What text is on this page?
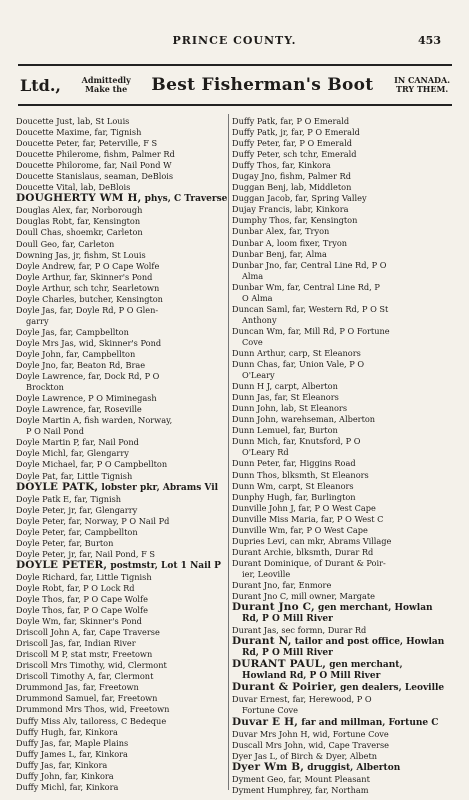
PRINCE COUNTY.	453
Ltd.,	Admittedly
Make the Best Fisherman's Boot	IN CANADA.
TRY THEM.
Doucette Just, lab, St Louis
Doucette Maxime, far, Tignish
Doucette Peter, far, Peterville, F S
Doucette Philerome, fishm, Palmer Rd
Doucette Philorome, far, Nail Pond W
Doucette Stanislaus, seaman, DeBlois
Doucette Vital, lab, DeBlois
DOUGHERTY WM H, phys, C Traverse
Douglas Alex, far, Norborough
Douglas Robt, far, Kensington
Doull Chas, shoemkr, Carleton
Doull Geo, far, Carleton
Downing Jas, jr, fishm, St Louis
Doyle Andrew, far, P O Cape Wolfe
Doyle Arthur, far, Skinner's Pond
Doyle Arthur, sch tchr, Searletown
Doyle Charles, butcher, Kensington
Doyle Jas, far, Doyle Rd, P O Glen-
garry
Doyle Jas, far, Campbellton
Doyle Mrs Jas, wid, Skinner's Pond
Doyle John, far, Campbellton
Doyle Jno, far, Beaton Rd, Brae
Doyle Lawrence, far, Dock Rd, P O
Brockton
Doyle Lawrence, P O Miminegash
Doyle Lawrence, far, Roseville
Doyle Martin A, fish warden, Norway,
P O Nail Pond
Doyle Martin P, far, Nail Pond
Doyle Michl, far, Glengarry
Doyle Michael, far, P O Campbellton
Doyle Pat, far, Little Tignish
DOYLE PATK, lobster pkr, Abrams Vil
Doyle Patk E, far, Tignish
Doyle Peter, jr, far, Glengarry
Doyle Peter, far, Norway, P O Nail Pd
Doyle Peter, far, Campbellton
Doyle Peter, far, Burton
Doyle Peter, jr, far, Nail Pond, F S
DOYLE PETER, postmstr, Lot 1 Nail P
Doyle Richard, far, Little Tignish
Doyle Robt, far, P O Lock Rd
Doyle Thos, far, P O Cape Wolfe
Doyle Thos, far, P O Cape Wolfe
Doyle Wm, far, Skinner's Pond
Driscoll John A, far, Cape Traverse
Driscoll Jas, far, Indian River
Driscoll M P, stat mstr, Freetown
Driscoll Mrs Timothy, wid, Clermont
Driscoll Timothy A, far, Clermont
Drummond Jas, far, Freetown
Drummond Samuel, far, Freetown
Drummond Mrs Thos, wid, Freetown
Duffy Miss Alv, tailoress, C Bedeque
Duffy Hugh, far, Kinkora
Duffy Jas, far, Maple Plains
Duffy James L, far, Kinkora
Duffy Jas, far, Kinkora
Duffy John, far, Kinkora
Duffy Michl, far, Kinkora
Duffy Patk, far, P O Emerald
Duffy Patk, jr, far, P O Emerald
Duffy Peter, far, P O Emerald
Duffy Peter, sch tchr, Emerald
Duffy Thos, far, Kinkora
Dugay Jno, fishm, Palmer Rd
Duggan Benj, lab, Middleton
Duggan Jacob, far, Spring Valley
Dujay Francis, labr, Kinkora
Dumphy Thos, far, Kensington
Dunbar Alex, far, Tryon
Dunbar A, loom fixer, Tryon
Dunbar Benj, far, Alma
Dunbar Jno, far, Central Line Rd, P O
Alma
Dunbar Wm, far, Central Line Rd, P
O Alma
Duncan Saml, far, Western Rd, P O St
Anthony
Duncan Wm, far, Mill Rd, P O Fortune
Cove
Dunn Arthur, carp, St Eleanors
Dunn Chas, far, Union Vale, P O
O'Leary
Dunn H J, carpt, Alberton
Dunn Jas, far, St Eleanors
Dunn John, lab, St Eleanors
Dunn John, warehseman, Alberton
Dunn Lemuel, far, Burton
Dunn Mich, far, Knutsford, P O
O'Leary Rd
Dunn Peter, far, Higgins Road
Dunn Thos, blksmth, St Eleanors
Dunn Wm, carpt, St Eleanors
Dunphy Hugh, far, Burlington
Dunville John J, far, P O West Cape
Dunville Miss Maria, far, P O West C
Dunville Wm, far, P O West Cape
Dupries Levi, can mkr, Abrams Village
Durant Archie, blksmth, Durar Rd
Durant Dominique, of Durant & Poir-
ier, Leoville
Durant Jno, far, Enmore
Durant Jno C, mill owner, Margate
Durant Jno C, gen merchant, Howlan
Rd, P O Mill River
Durant Jas, sec formn, Durar Rd
Durant N, tailor and post office, Howlan
Rd, P O Mill River
DURANT PAUL, gen merchant,
Howland Rd, P O Mill River
Durant & Poirier, gen dealers, Leoville
Duvar Ernest, far, Herewood, P O
Fortune Cove
Duvar E H, far and millman, Fortune C
Duvar Mrs John H, wid, Fortune Cove
Duscall Mrs John, wid, Cape Traverse
Dyer Jas L, of Birch & Dyer, Albetn
Dyer Wm B, druggist, Alberton
Dyment Geo, far, Mount Pleasant
Dyment Humphrey, far, Northam
